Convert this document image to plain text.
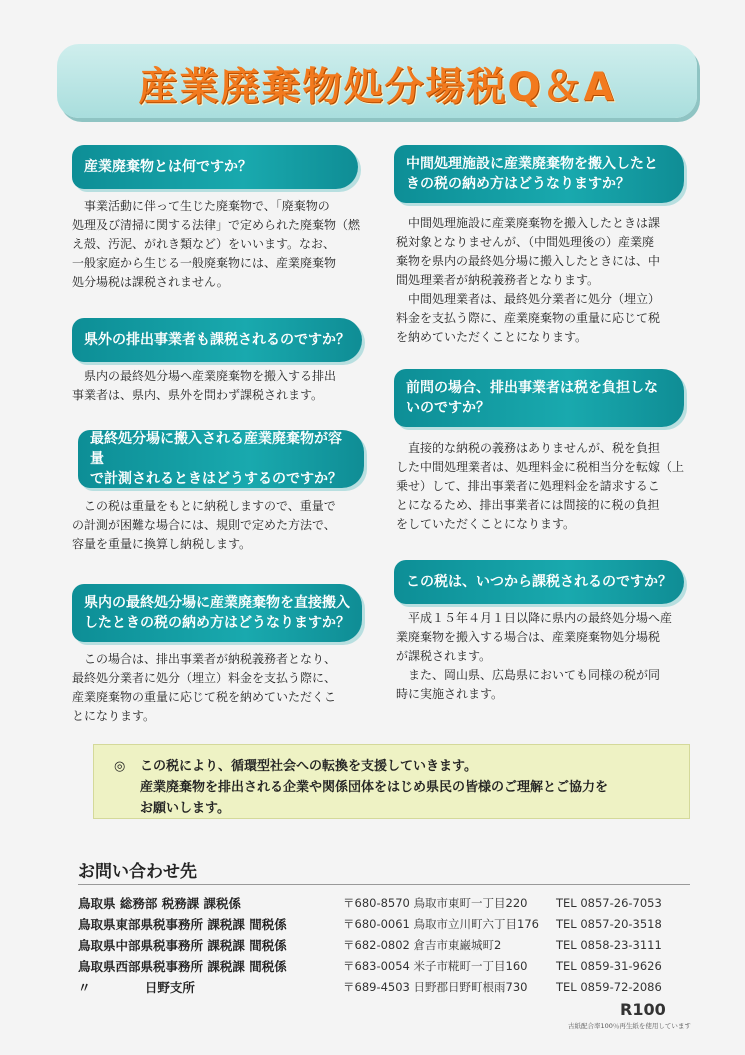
産業廃棄物処分場税Q＆A
産業廃棄物とは何ですか？

事業活動に伴って生じた廃棄物で、「廃棄物の

処理及び清掃に関する法律」で定められた廃棄物（燃

え殻、汚泥、がれき類など）をいいます。なお、

一般家庭から生じる一般廃棄物には、産業廃棄物

処分場税は課税されません。

県外の排出事業者も課税されるのですか？

県内の最終処分場へ産業廃棄物を搬入する排出

事業者は、県内、県外を問わず課税されます。

最終処分場に搬入される産業廃棄物が容量
で計測されるときはどうするのですか？

この税は重量をもとに納税しますので、重量で

の計測が困難な場合には、規則で定めた方法で、

容量を重量に換算し納税します。

県内の最終処分場に産業廃棄物を直接搬入
したときの税の納め方はどうなりますか？

この場合は、排出事業者が納税義務者となり、

最終処分業者に処分（埋立）料金を支払う際に、

産業廃棄物の重量に応じて税を納めていただくこ

とになります。

中間処理施設に産業廃棄物を搬入したと
きの税の納め方はどうなりますか？

中間処理施設に産業廃棄物を搬入したときは課

税対象となりませんが、（中間処理後の）産業廃

棄物を県内の最終処分場に搬入したときには、中

間処理業者が納税義務者となります。

中間処理業者は、最終処分業者に処分（埋立）

料金を支払う際に、産業廃棄物の重量に応じて税

を納めていただくことになります。

前問の場合、排出事業者は税を負担しな
いのですか？

直接的な納税の義務はありませんが、税を負担

した中間処理業者は、処理料金に税相当分を転嫁（上

乗せ）して、排出事業者に処理料金を請求するこ

とになるため、排出事業者には間接的に税の負担

をしていただくことになります。

この税は、いつから課税されるのですか？

平成１５年４月１日以降に県内の最終処分場へ産

業廃棄物を搬入する場合は、産業廃棄物処分場税

が課税されます。

また、岡山県、広島県においても同様の税が同

時に実施されます。

◎ この税により、循環型社会への転換を支援していきます。
産業廃棄物を排出される企業や関係団体をはじめ県民の皆様のご理解とご協力を
お願いします。
お問い合わせ先
鳥取県 総務部 税務課 課税係	〒680-8570 鳥取市東町一丁目220 TEL 0857-26-7053
鳥取県東部県税事務所 課税課 間税係	〒680-0061 鳥取市立川町六丁目176 TEL 0857-20-3518
鳥取県中部県税事務所 課税課 間税係	〒682-0802 倉吉市東巌城町2	TEL 0858-23-3111
鳥取県西部県税事務所 課税課 間税係	〒683-0054 米子市糀町一丁目160 TEL 0859-31-9626
〃　　　　 日野支所	〒689-4503 日野郡日野町根雨730 TEL 0859-72-2086
R100
古紙配合率100％再生紙を使用しています
